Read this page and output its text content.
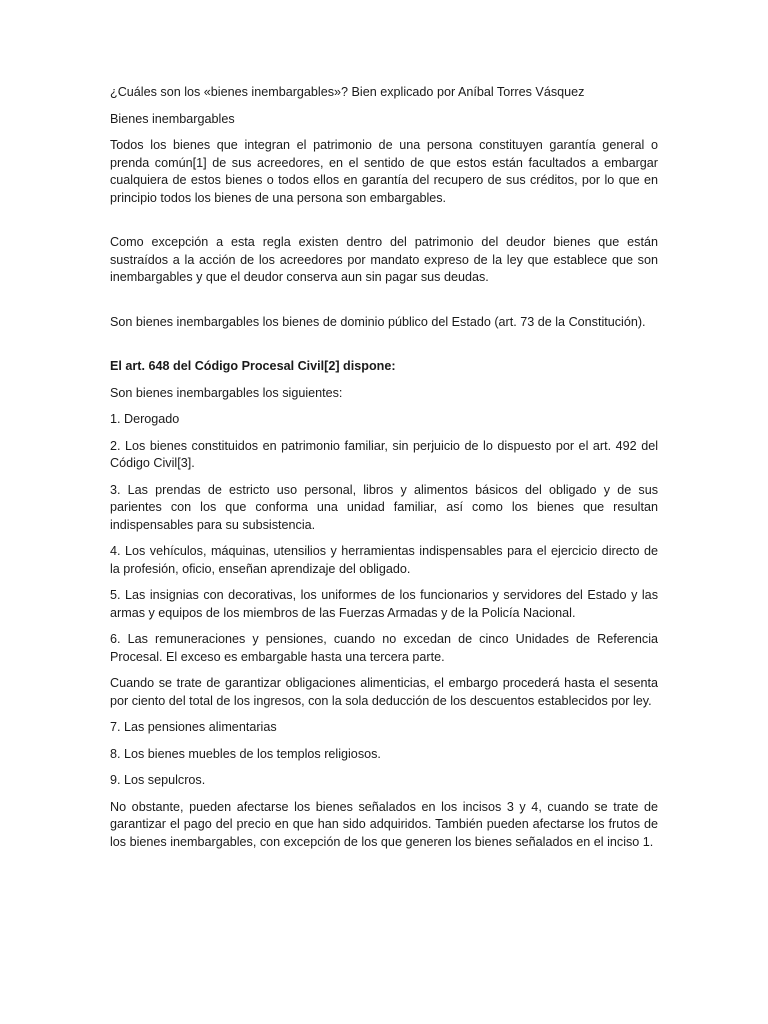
¿Cuáles son los «bienes inembargables»? Bien explicado por Aníbal Torres Vásquez

Bienes inembargables

Todos los bienes que integran el patrimonio de una persona constituyen garantía general o prenda común[1] de sus acreedores, en el sentido de que estos están facultados a embargar cualquiera de estos bienes o todos ellos en garantía del recupero de sus créditos, por lo que en principio todos los bienes de una persona son embargables.

Como excepción a esta regla existen dentro del patrimonio del deudor bienes que están sustraídos a la acción de los acreedores por mandato expreso de la ley que establece que son inembargables y que el deudor conserva aun sin pagar sus deudas.

Son bienes inembargables los bienes de dominio público del Estado (art. 73 de la Constitución).

El art. 648 del Código Procesal Civil[2] dispone:

Son bienes inembargables los siguientes:

1. Derogado

2. Los bienes constituidos en patrimonio familiar, sin perjuicio de lo dispuesto por el art. 492 del Código Civil[3].

3. Las prendas de estricto uso personal, libros y alimentos básicos del obligado y de sus parientes con los que conforma una unidad familiar, así como los bienes que resultan indispensables para su subsistencia.

4. Los vehículos, máquinas, utensilios y herramientas indispensables para el ejercicio directo de la profesión, oficio, enseñan aprendizaje del obligado.

5. Las insignias con decorativas, los uniformes de los funcionarios y servidores del Estado y las armas y equipos de los miembros de las Fuerzas Armadas y de la Policía Nacional.

6. Las remuneraciones y pensiones, cuando no excedan de cinco Unidades de Referencia Procesal. El exceso es embargable hasta una tercera parte.

Cuando se trate de garantizar obligaciones alimenticias, el embargo procederá hasta el sesenta por ciento del total de los ingresos, con la sola deducción de los descuentos establecidos por ley.

7. Las pensiones alimentarias

8. Los bienes muebles de los templos religiosos.

9. Los sepulcros.

No obstante, pueden afectarse los bienes señalados en los incisos 3 y 4, cuando se trate de garantizar el pago del precio en que han sido adquiridos. También pueden afectarse los frutos de los bienes inembargables, con excepción de los que generen los bienes señalados en el inciso 1.
